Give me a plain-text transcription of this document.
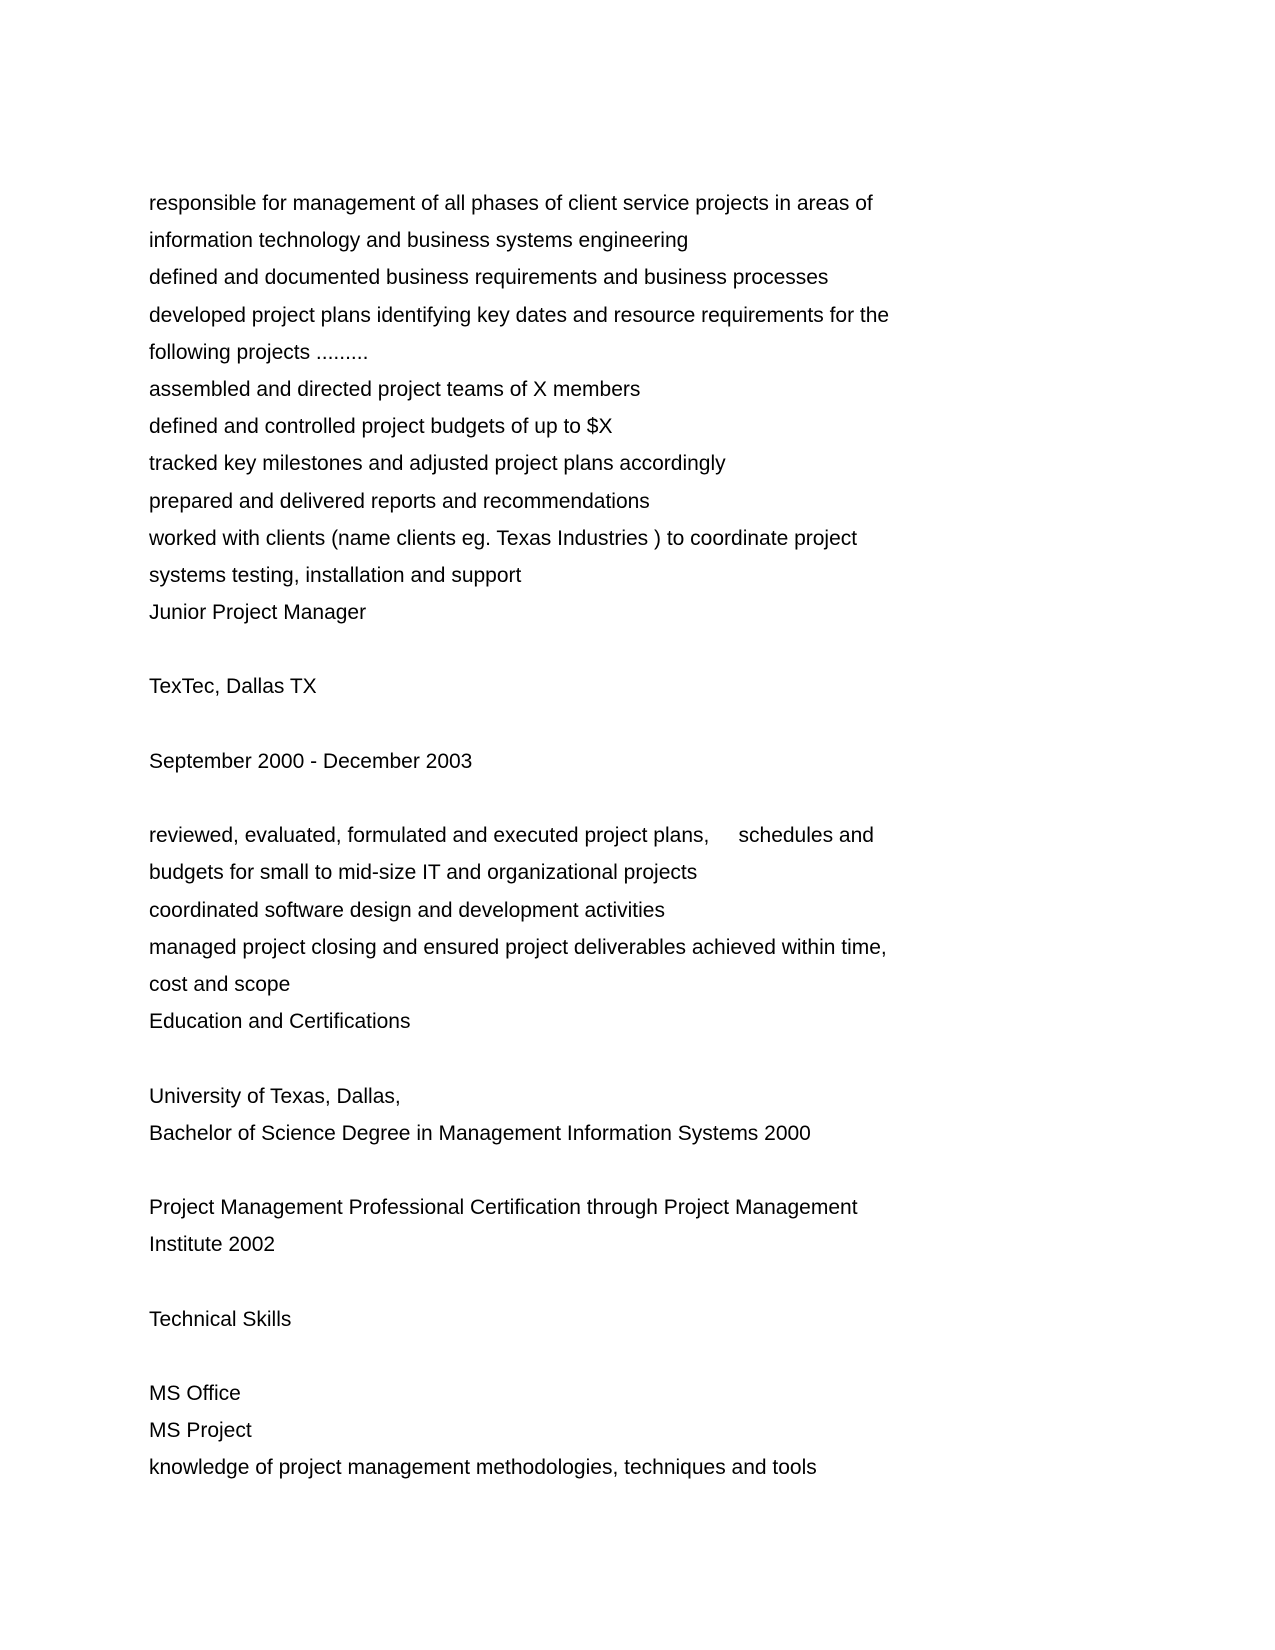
responsible for management of all phases of client service projects in areas of
information technology and business systems engineering
defined and documented business requirements and business processes
developed project plans identifying key dates and resource requirements for the
following projects .........
assembled and directed project teams of X members
defined and controlled project budgets of up to $X
tracked key milestones and adjusted project plans accordingly
prepared and delivered reports and recommendations
worked with clients (name clients eg. Texas Industries ) to coordinate project
systems testing, installation and support
Junior Project Manager
TexTec, Dallas TX
September 2000 - December 2003
reviewed, evaluated, formulated and executed project plans,     schedules and
budgets for small to mid-size IT and organizational projects
coordinated software design and development activities
managed project closing and ensured project deliverables achieved within time,
cost and scope
Education and Certifications
University of Texas, Dallas,
Bachelor of Science Degree in Management Information Systems 2000
Project Management Professional Certification through Project Management
Institute 2002
Technical Skills
MS Office
MS Project
knowledge of project management methodologies, techniques and tools
